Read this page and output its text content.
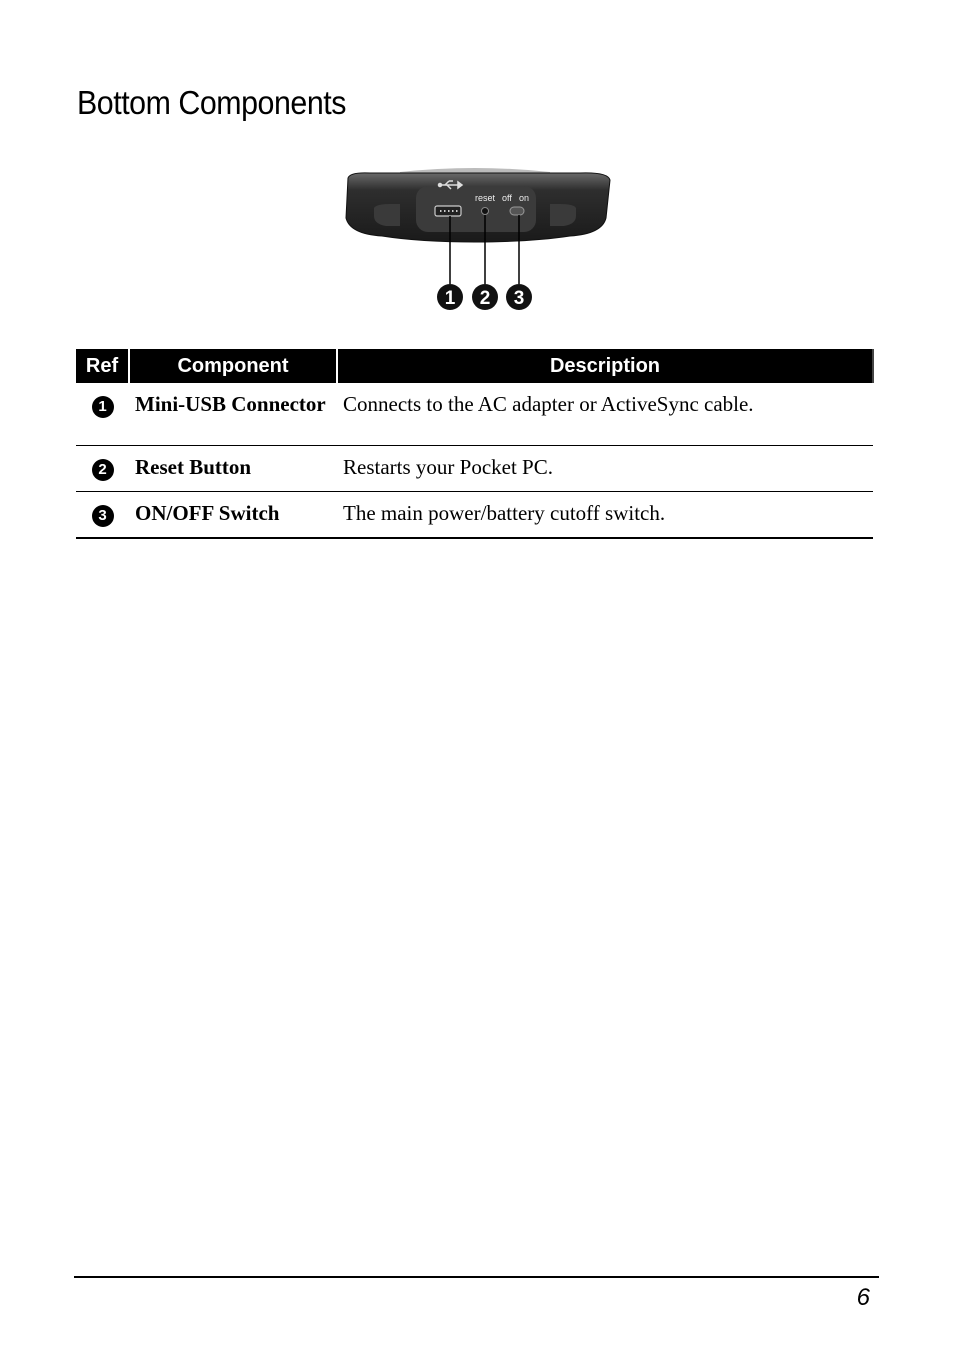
Bottom Components
reset off on
1 2 3
Ref	Component	Description
1	Mini-USB Connector	Connects to the AC adapter or ActiveSync cable.
2	Reset Button	Restarts your Pocket PC.
3	ON/OFF Switch	The main power/battery cutoff switch.
6
